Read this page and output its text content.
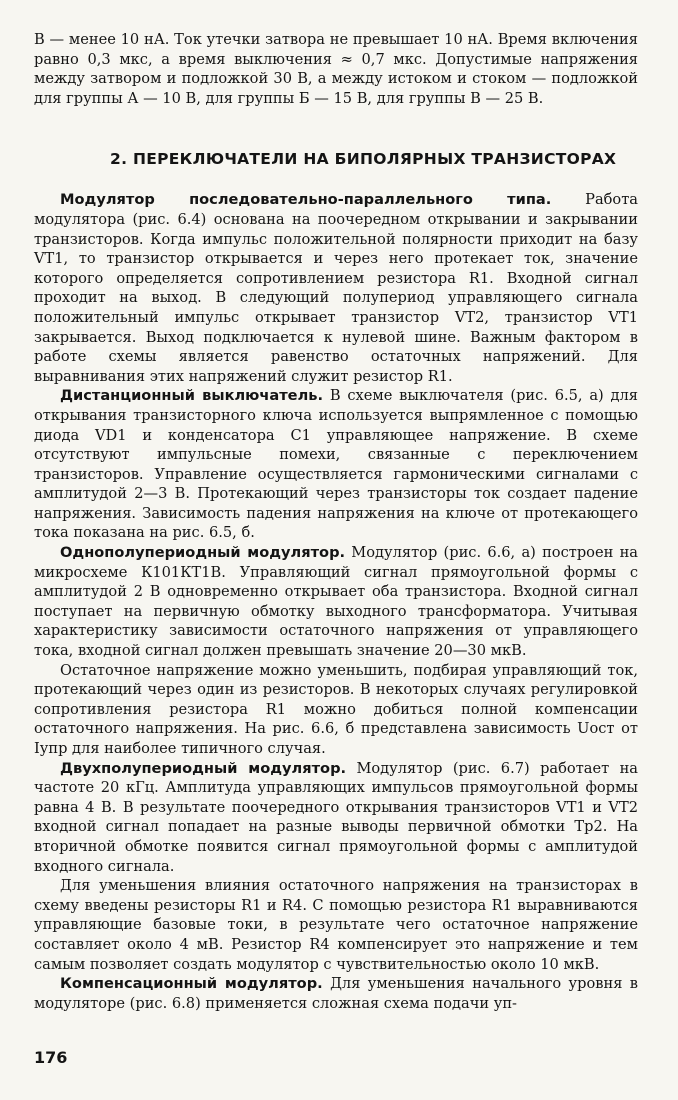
В — менее 10 нА. Ток утечки затвора не превышает 10 нА. Время включения равно 0,3 мкс, а время выключения ≈ 0,7 мкс. Допустимые напряжения между затвором и подложкой 30 В, а между истоком и стоком — подложкой для группы А — 10 В, для группы Б — 15 В, для группы В — 25 В.

2. ПЕРЕКЛЮЧАТЕЛИ НА БИПОЛЯРНЫХ ТРАНЗИСТОРАХ

Модулятор последовательно-параллельного типа. Работа модулятора (рис. 6.4) основана на поочередном открывании и закрывании транзисторов. Когда импульс положительной полярности приходит на базу VT1, то транзистор открывается и через него протекает ток, значение которого определяется сопротивлением резистора R1. Входной сигнал проходит на выход. В следующий полупериод управляющего сигнала положительный импульс открывает транзистор VT2, транзистор VT1 закрывается. Выход подключается к нулевой шине. Важным фактором в работе схемы является равенство остаточных напряжений. Для выравнивания этих напряжений служит резистор R1.

Дистанционный выключатель. В схеме выключателя (рис. 6.5, а) для открывания транзисторного ключа используется выпрямленное с помощью диода VD1 и конденсатора C1 управляющее напряжение. В схеме отсутствуют импульсные помехи, связанные с переключением транзисторов. Управление осуществляется гармоническими сигналами с амплитудой 2—3 В. Протекающий через транзисторы ток создает падение напряжения. Зависимость падения напряжения на ключе от протекающего тока показана на рис. 6.5, б.

Однополупериодный модулятор. Модулятор (рис. 6.6, а) построен на микросхеме К101КТ1В. Управляющий сигнал прямоугольной формы с амплитудой 2 В одновременно открывает оба транзистора. Входной сигнал поступает на первичную обмотку выходного трансформатора. Учитывая характеристику зависимости остаточного напряжения от управляющего тока, входной сигнал должен превышать значение 20—30 мкВ.

Остаточное напряжение можно уменьшить, подбирая управляющий ток, протекающий через один из резисторов. В некоторых случаях регулировкой сопротивления резистора R1 можно добиться полной компенсации остаточного напряжения. На рис. 6.6, б представлена зависимость Uост от Iупр для наиболее типичного случая.

Двухполупериодный модулятор. Модулятор (рис. 6.7) работает на частоте 20 кГц. Амплитуда управляющих импульсов прямоугольной формы равна 4 В. В результате поочередного открывания транзисторов VT1 и VT2 входной сигнал попадает на разные выводы первичной обмотки Тр2. На вторичной обмотке появится сигнал прямоугольной формы с амплитудой входного сигнала.

Для уменьшения влияния остаточного напряжения на транзисторах в схему введены резисторы R1 и R4. С помощью резистора R1 выравниваются управляющие базовые токи, в результате чего остаточное напряжение составляет около 4 мВ. Резистор R4 компенсирует это напряжение и тем самым позволяет создать модулятор с чувствительностью около 10 мкВ.

Компенсационный модулятор. Для уменьшения начального уровня в модуляторе (рис. 6.8) применяется сложная схема подачи уп-

176
